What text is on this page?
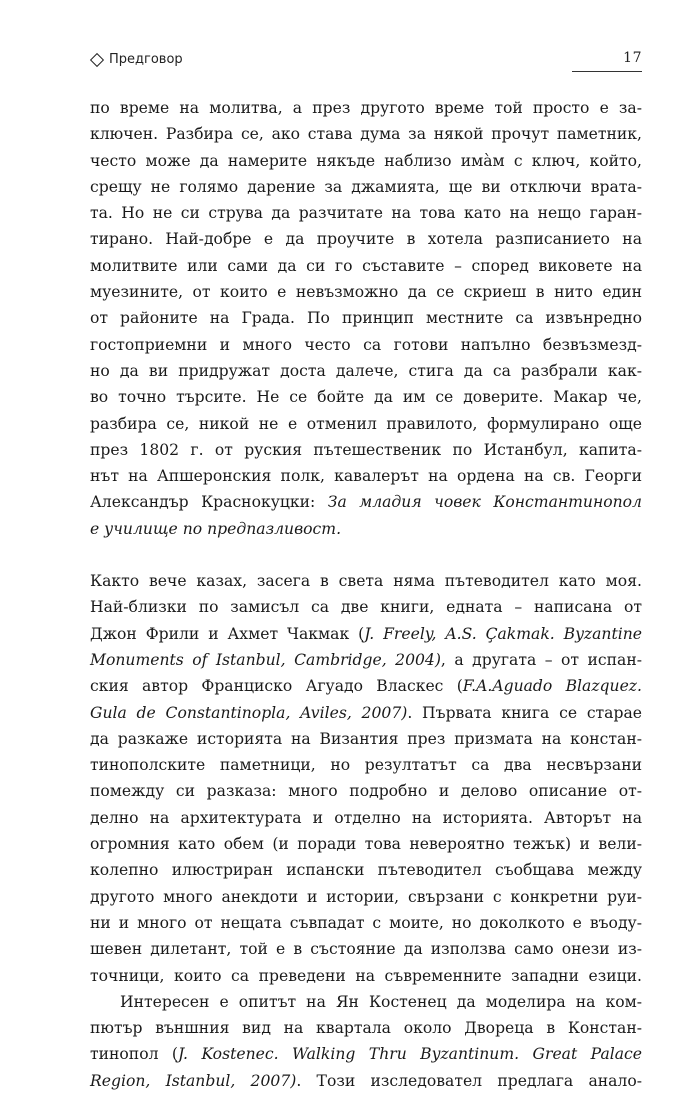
Предговор	17
по време на молитва, а през другото време той просто е за-
ключен. Разбира се, ако става дума за някой прочут паметник,
често може да намерите някъде наблизо имàм с ключ, който,
срещу не голямо дарение за джамията, ще ви отключи врата-
та. Но не си струва да разчитате на това като на нещо гаран-
тирано. Най-добре е да проучите в хотела разписанието на
молитвите или сами да си го съставите – според виковете на
муезините, от които е невъзможно да се скриеш в нито един
от районите на Града. По принцип местните са извънредно
гостоприемни и много често са готови напълно безвъзмезд-
но да ви придружат доста далече, стига да са разбрали как-
во точно търсите. Не се бойте да им се доверите. Макар че,
разбира се, никой не е отменил правилото, формулирано още
през 1802 г. от руския пътешественик по Истанбул, капита-
нът на Апшеронския полк, кавалерът на ордена на св. Георги
Александър Краснокуцки: За младия човек Константинопол
е училище по предпазливост.
Както вече казах, засега в света няма пътеводител като моя.
Най-близки по замисъл са две книги, едната – написана от
Джон Фрили и Ахмет Чакмак (J. Freely, A.S. Çakmak. Byzantine
Monuments of Istanbul, Cambridge, 2004), а другата – от испан-
ския автор Франциско Агуадо Власкес (F.A.Aguado Blazquez.
Gula de Constantinopla, Aviles, 2007). Първата книга се старае
да разкаже историята на Византия през призмата на констан-
тинополските паметници, но резултатът са два несвързани
помежду си разказа: много подробно и делово описание от-
делно на архитектурата и отделно на историята. Авторът на
огромния като обем (и поради това невероятно тежък) и вели-
колепно илюстриран испански пътеводител съобщава между
другото много анекдоти и истории, свързани с конкретни руи-
ни и много от нещата съвпадат с моите, но доколкото е въоду-
шевен дилетант, той е в състояние да използва само онези из-
точници, които са преведени на съвременните западни езици.
Интересен е опитът на Ян Костенец да моделира на ком-
пютър външния вид на квартала около Двореца в Констан-
тинопол (J. Kostenec. Walking Thru Byzantinum. Great Palace
Region, Istanbul, 2007). Този изследовател предлага анало-
